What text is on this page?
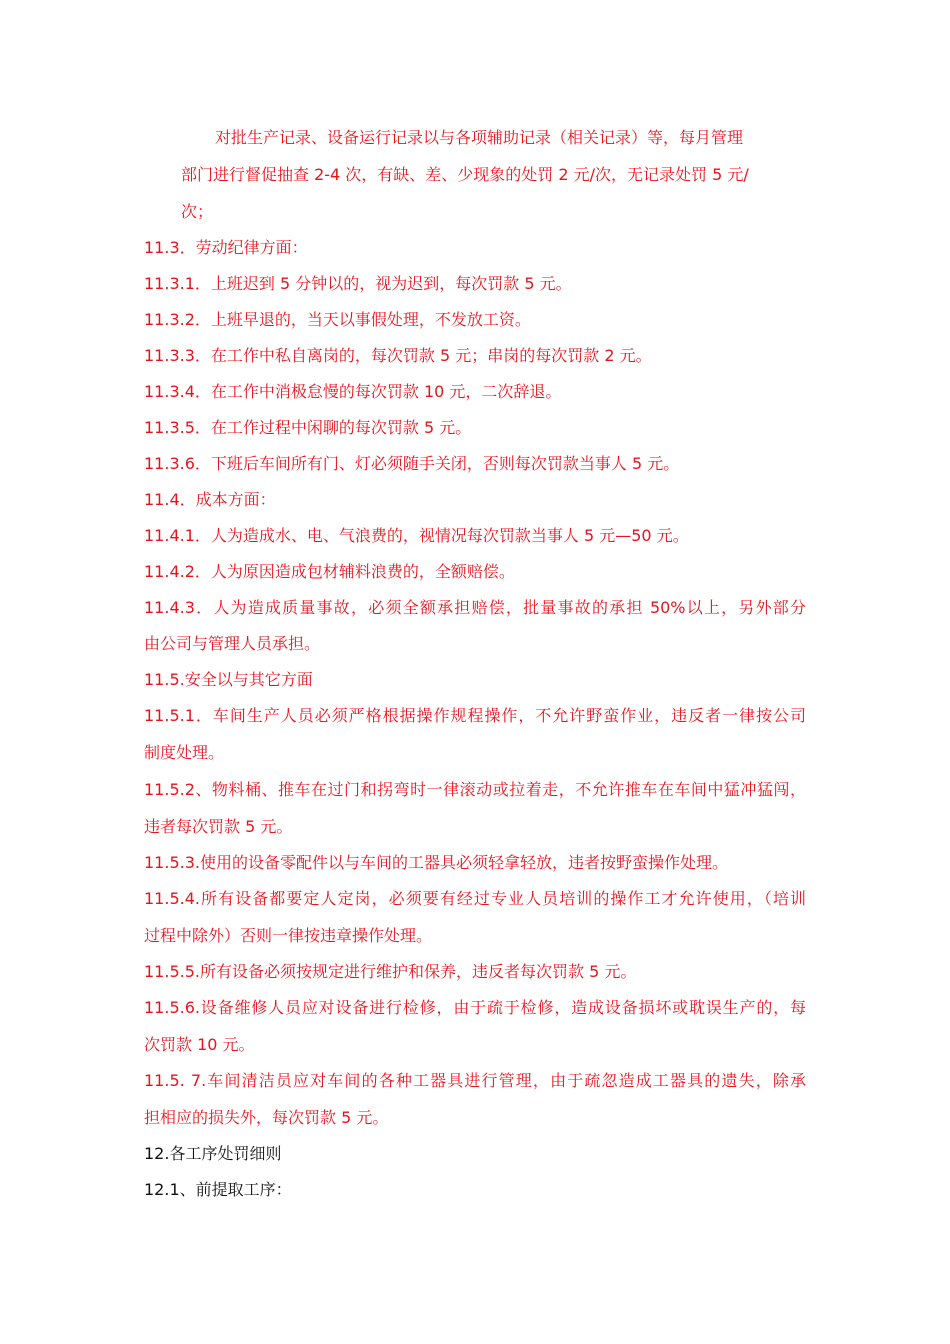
对批生产记录、设备运行记录以与各项辅助记录（相关记录）等，每月管理
部门进行督促抽查 2-4 次，有缺、差、少现象的处罚 2 元/次，无记录处罚 5 元/
次；
11.3．劳动纪律方面：
11.3.1．上班迟到 5 分钟以的，视为迟到，每次罚款 5 元。
11.3.2．上班早退的，当天以事假处理，不发放工资。
11.3.3．在工作中私自离岗的，每次罚款 5 元；串岗的每次罚款 2 元。
11.3.4．在工作中消极怠慢的每次罚款 10 元，二次辞退。
11.3.5．在工作过程中闲聊的每次罚款 5 元。
11.3.6．下班后车间所有门、灯必须随手关闭，否则每次罚款当事人 5 元。
11.4．成本方面：
11.4.1．人为造成水、电、气浪费的，视情况每次罚款当事人 5 元—50 元。
11.4.2．人为原因造成包材辅料浪费的，全额赔偿。
11.4.3．人为造成质量事故，必须全额承担赔偿，批量事故的承担 50%以上，另外部分
由公司与管理人员承担。
11.5.安全以与其它方面
11.5.1．车间生产人员必须严格根据操作规程操作，不允许野蛮作业，违反者一律按公司
制度处理。
11.5.2、物料桶、推车在过门和拐弯时一律滚动或拉着走，不允许推车在车间中猛冲猛闯，
违者每次罚款 5 元。
11.5.3.使用的设备零配件以与车间的工器具必须轻拿轻放，违者按野蛮操作处理。
11.5.4.所有设备都要定人定岗，必须要有经过专业人员培训的操作工才允许使用，（培训
过程中除外）否则一律按违章操作处理。
11.5.5.所有设备必须按规定进行维护和保养，违反者每次罚款 5 元。
11.5.6.设备维修人员应对设备进行检修，由于疏于检修，造成设备损坏或耽误生产的，每
次罚款 10 元。
11.5. 7.车间清洁员应对车间的各种工器具进行管理，由于疏忽造成工器具的遗失，除承
担相应的损失外，每次罚款 5 元。
12.各工序处罚细则
12.1、前提取工序：
